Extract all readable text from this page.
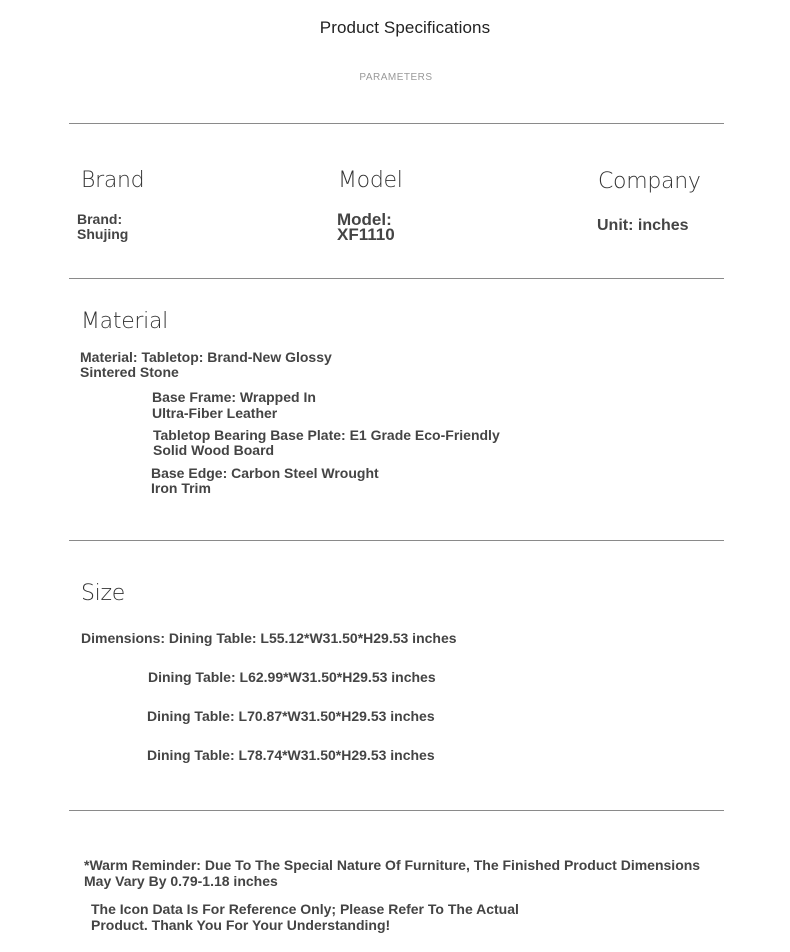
Product Specifications
PARAMETERS
Brand
Brand:
Shujing
Model
Model:
XF1110
Company
Unit: inches
Material
Material: Tabletop: Brand-New Glossy
Sintered Stone
Base Frame: Wrapped In
Ultra-Fiber Leather
Tabletop Bearing Base Plate: E1 Grade Eco-Friendly
Solid Wood Board
Base Edge: Carbon Steel Wrought
Iron Trim
Size
Dimensions: Dining Table: L55.12*W31.50*H29.53 inches
Dining Table: L62.99*W31.50*H29.53 inches
Dining Table: L70.87*W31.50*H29.53 inches
Dining Table: L78.74*W31.50*H29.53 inches
*Warm Reminder: Due To The Special Nature Of Furniture, The Finished Product Dimensions
May Vary By 0.79-1.18 inches
The Icon Data Is For Reference Only; Please Refer To The Actual
Product. Thank You For Your Understanding!
